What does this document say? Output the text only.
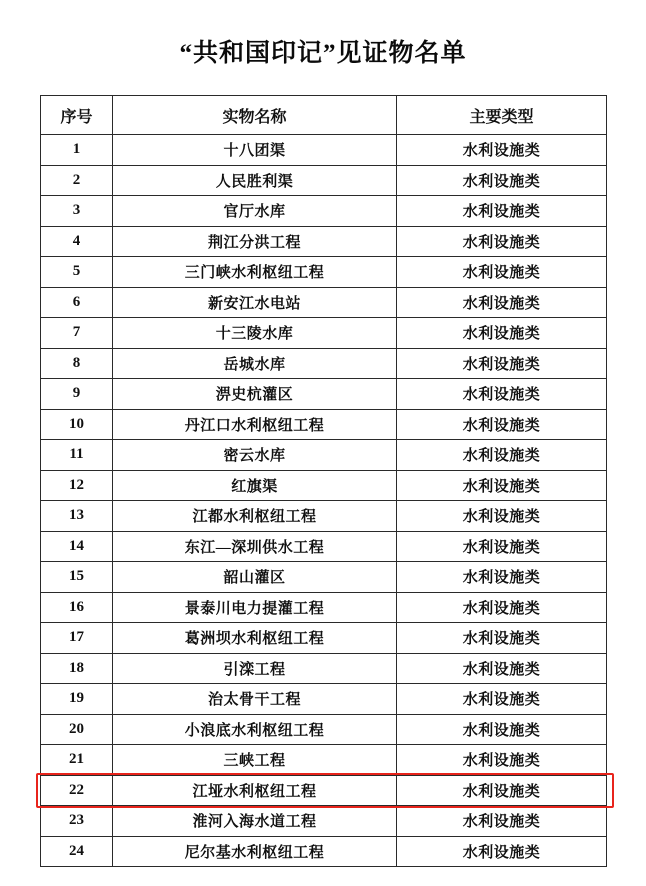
“共和国印记”见证物名单
序号	实物名称	主要类型
1	十八团渠	水利设施类
2	人民胜利渠	水利设施类
3	官厅水库	水利设施类
4	荆江分洪工程	水利设施类
5	三门峡水利枢纽工程	水利设施类
6	新安江水电站	水利设施类
7	十三陵水库	水利设施类
8	岳城水库	水利设施类
9	淠史杭灌区	水利设施类
10	丹江口水利枢纽工程	水利设施类
11	密云水库	水利设施类
12	红旗渠	水利设施类
13	江都水利枢纽工程	水利设施类
14	东江—深圳供水工程	水利设施类
15	韶山灌区	水利设施类
16	景泰川电力提灌工程	水利设施类
17	葛洲坝水利枢纽工程	水利设施类
18	引滦工程	水利设施类
19	治太骨干工程	水利设施类
20	小浪底水利枢纽工程	水利设施类
21	三峡工程	水利设施类
22	江垭水利枢纽工程	水利设施类
23	淮河入海水道工程	水利设施类
24	尼尔基水利枢纽工程	水利设施类
